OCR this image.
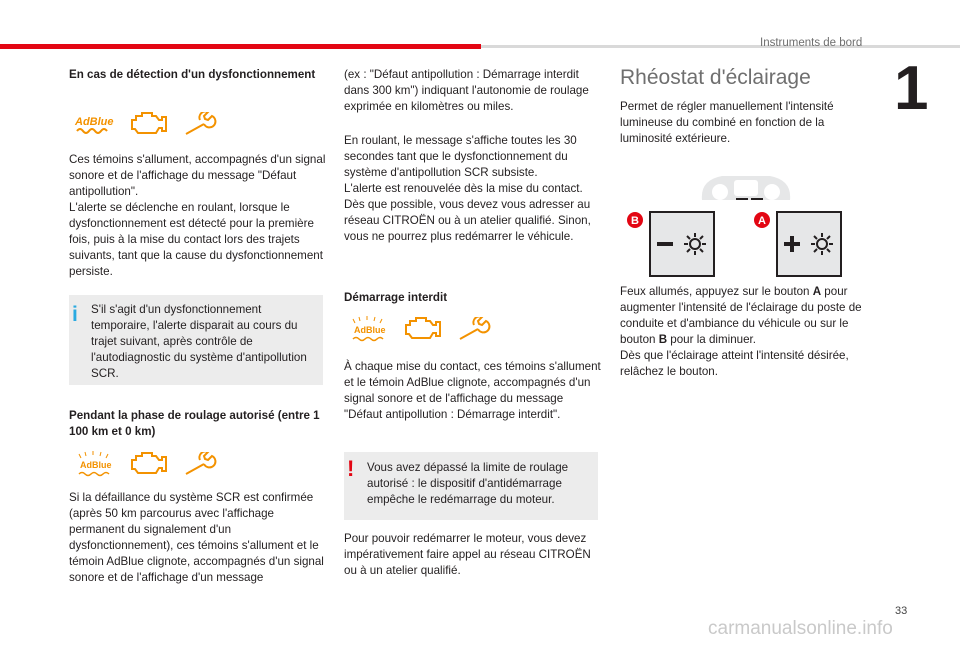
Instruments de bord
1

En cas de détection d'un dysfonctionnement

AdBlue

Ces témoins s'allument, accompagnés d'un signal sonore et de l'affichage du message "Défaut antipollution".

L'alerte se déclenche en roulant, lorsque le dysfonctionnement est détecté pour la première fois, puis à la mise du contact lors des trajets suivants, tant que la cause du dysfonctionnement persiste.

i S'il s'agit d'un dysfonctionnement temporaire, l'alerte disparait au cours du trajet suivant, après contrôle de l'autodiagnostic du système d'antipollution SCR.

Pendant la phase de roulage autorisé (entre 1 100 km et 0 km)

AdBlue

Si la défaillance du système SCR est confirmée (après 50 km parcourus avec l'affichage permanent du signalement d'un dysfonctionnement), ces témoins s'allument et le témoin AdBlue clignote, accompagnés d'un signal sonore et de l'affichage d'un message

(ex : "Défaut antipollution : Démarrage interdit dans 300 km") indiquant l'autonomie de roulage exprimée en kilomètres ou miles.

En roulant, le message s'affiche toutes les 30 secondes tant que le dysfonctionnement du système d'antipollution SCR subsiste.

L'alerte est renouvelée dès la mise du contact.

Dès que possible, vous devez vous adresser au réseau CITROËN ou à un atelier qualifié. Sinon, vous ne pourrez plus redémarrer le véhicule.

Démarrage interdit

AdBlue

À chaque mise du contact, ces témoins s'allument et le témoin AdBlue clignote, accompagnés d'un signal sonore et de l'affichage du message "Défaut antipollution : Démarrage interdit".

! Vous avez dépassé la limite de roulage autorisé : le dispositif d'antidémarrage empêche le redémarrage du moteur.

Pour pouvoir redémarrer le moteur, vous devez impérativement faire appel au réseau CITROËN ou à un atelier qualifié.

Rhéostat d'éclairage

Permet de régler manuellement l'intensité lumineuse du combiné en fonction de la luminosité extérieure.

B	A

Feux allumés, appuyez sur le bouton A pour augmenter l'intensité de l'éclairage du poste de conduite et d'ambiance du véhicule ou sur le bouton B pour la diminuer.

Dès que l'éclairage atteint l'intensité désirée, relâchez le bouton.

33
carmanualsonline.info
